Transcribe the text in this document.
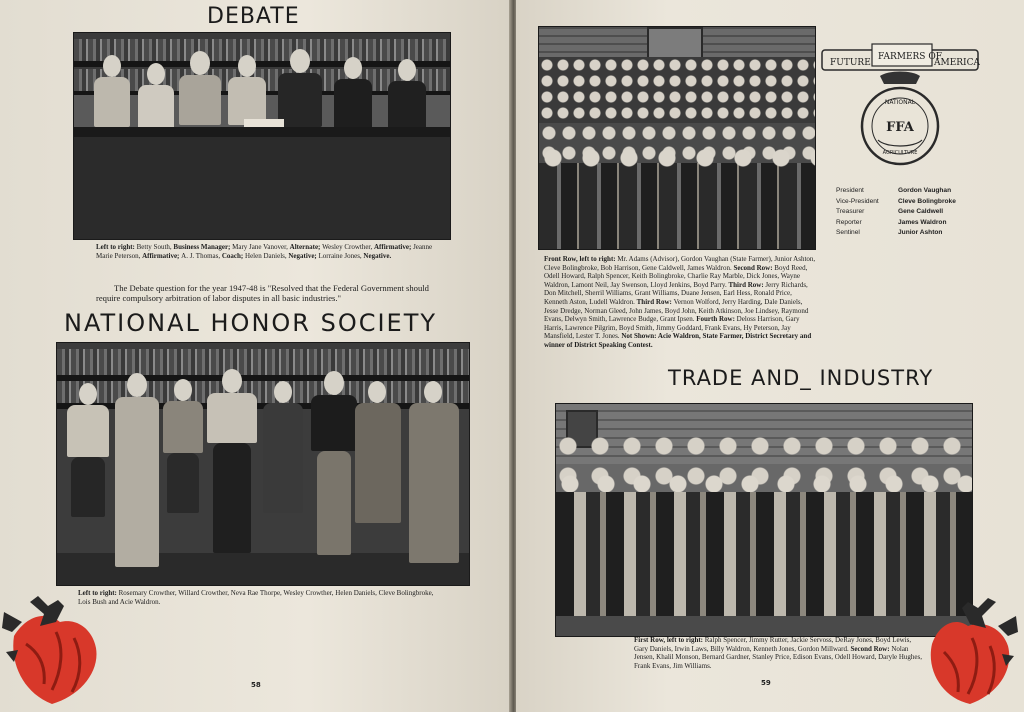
DEBATE

Left to right: Betty South, Business Manager; Mary Jane Vanover, Alternate; Wesley Crowther, Affirmative; Jeanne Marie Peterson, Affirmative; A. J. Thomas, Coach; Helen Daniels, Negative; Lorraine Jones, Negative.

The Debate question for the year 1947-48 is "Resolved that the Federal Government should require compulsory arbitration of labor disputes in all basic industries."

NATIONAL HONOR SOCIETY

Left to right: Rosemary Crowther, Willard Crowther, Neva Rae Thorpe, Wesley Crowther, Helen Daniels, Cleve Bolingbroke, Lois Bush and Acie Waldron.

58
FUTURE
FARMERS OF
AMERICA
NATIONAL
FFA
AGRICULTURE
President	Gordon Vaughan
Vice-President	Cleve Bolingbroke
Treasurer	Gene Caldwell
Reporter	James Waldron
Sentinel	Junior Ashton

Front Row, left to right: Mr. Adams (Advisor), Gordon Vaughan (State Farmer), Junior Ashton, Cleve Bolingbroke, Bob Harrison, Gene Caldwell, James Waldron. Second Row: Boyd Reed, Odell Howard, Ralph Spencer, Keith Bolingbroke, Charlie Ray Marble, Dick Jones, Wayne Waldron, Lamont Neil, Jay Swenson, Lloyd Jenkins, Boyd Parry. Third Row: Jerry Richards, Don Mitchell, Sherril Williams, Grant Williams, Duane Jensen, Earl Hess, Ronald Price, Kenneth Aston, Ludell Waldron. Third Row: Vernon Wolford, Jerry Harding, Dale Daniels, Jesse Dredge, Norman Gleed, John James, Boyd John, Keith Atkinson, Joe Lindsey, Raymond Evans, Delwyn Smith, Lawrence Budge, Grant Ipsen. Fourth Row: Deloss Harrison, Gary Harris, Lawrence Pilgrim, Boyd Smith, Jimmy Goddard, Frank Evans, Hy Peterson, Jay Mansfield, Lester T. Jones. Not Shown: Acie Waldron, State Farmer, District Secretary and winner of District Speaking Contest.

TRADE AND_ INDUSTRY

First Row, left to right: Ralph Spencer, Jimmy Rutter, Jackie Servoss, DeRay Jones, Boyd Lewis, Gary Daniels, Irwin Laws, Billy Waldron, Kenneth Jones, Gordon Millward. Second Row: Nolan Jensen, Khalil Monson, Bernard Gardner, Stanley Price, Edison Evans, Odell Howard, Daryle Hughes, Frank Evans, Jim Williams.

59
